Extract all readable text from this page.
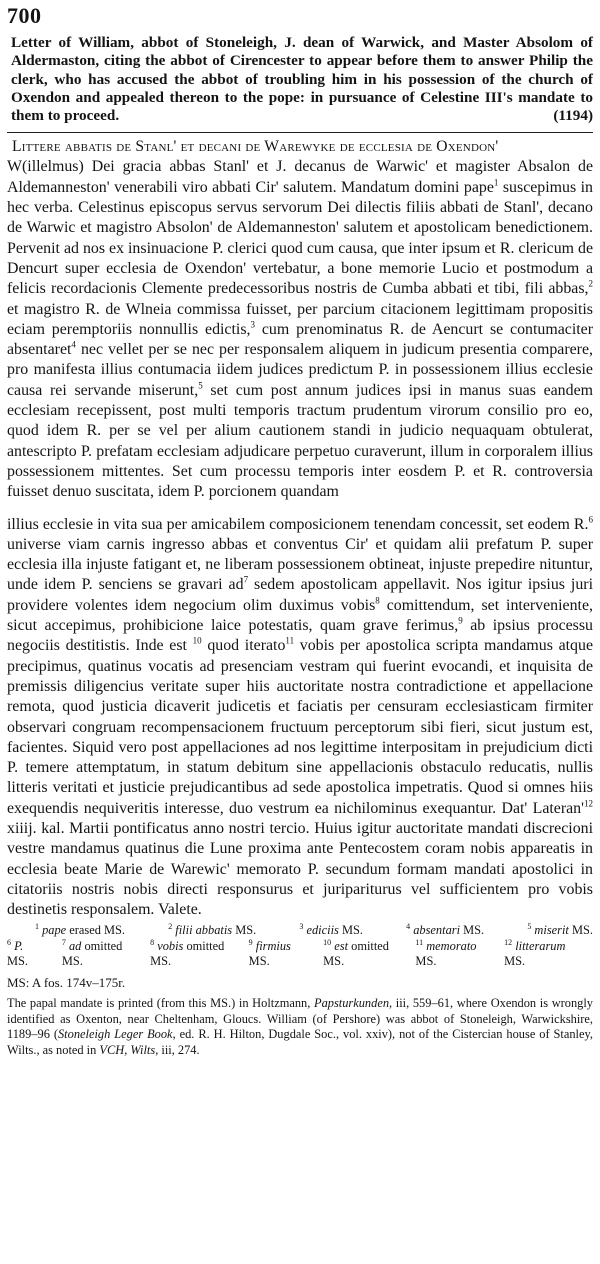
700
Letter of William, abbot of Stoneleigh, J. dean of Warwick, and Master Absolom of Aldermaston, citing the abbot of Cirencester to appear before them to answer Philip the clerk, who has accused the abbot of troubling him in his possession of the church of Oxendon and appealed thereon to the pope: in pursuance of Celestine III's mandate to them to proceed.	(1194)
Littere abbatis de Stanl' et decani de Warewyke de ecclesia de Oxendon'

W(illelmus) Dei gracia abbas Stanl' et J. decanus de Warwic' et magister Absalon de Aldemanneston' venerabili viro abbati Cir' salutem. Mandatum domini pape$^1$ suscepimus in hec verba. Celestinus episcopus servus servorum Dei dilectis filiis abbati de Stanl', decano de Warwic et magistro Absolon' de Aldemanneston' salutem et apostolicam benedictionem. Pervenit ad nos ex insinuacione P. clerici quod cum causa, que inter ipsum et R. clericum de Dencurt super ecclesia de Oxendon' vertebatur, a bone memorie Lucio et postmodum a felicis recordacionis Clemente predecessoribus nostris de Cumba abbati et tibi, fili abbas,$^2$ et magistro R. de Wlneia commissa fuisset, per parcium citacionem legittimam propositis eciam peremptoriis nonnullis edictis,$^3$ cum prenominatus R. de Aencurt se contumaciter absentaret$^4$ nec vellet per se nec per responsalem aliquem in judicum presentia comparere, pro manifesta illius contumacia iidem judices predictum P. in possessionem illius ecclesie causa rei servande miserunt,$^5$ set cum post annum judices ipsi in manus suas eandem ecclesiam recepissent, post multi temporis tractum prudentum virorum consilio pro eo, quod idem R. per se vel per alium cautionem standi in judicio nequaquam obtulerat, antescripto P. prefatam ecclesiam adjudicare perpetuo curaverunt, illum in corporalem illius possessionem mittentes. Set cum processu temporis inter eosdem P. et R. controversia fuisset denuo suscitata, idem P. porcionem quandam

illius ecclesie in vita sua per amicabilem composicionem tenendam concessit, set eodem R.$^6$ universe viam carnis ingresso abbas et conventus Cir' et quidam alii prefatum P. super ecclesia illa injuste fatigant et, ne liberam possessionem obtineat, injuste prepedire nituntur, unde idem P. senciens se gravari $ad^7$ sedem apostolicam appellavit. Nos igitur ipsius juri providere volentes idem negocium olim duximus vobis$^8$ comittendum, set interveniente, sicut accepimus, prohibicione laice potestatis, quam grave ferimus,$^9$ ab ipsius processu negociis destitistis. Inde est $^{10}$ quod iterato$^{11}$ vobis per apostolica scripta mandamus atque precipimus, quatinus vocatis ad presenciam vestram qui fuerint evocandi, et inquisita de premissis diligencius veritate super hiis auctoritate nostra contradictione et appellacione remota, quod justicia dicaverit judicetis et faciatis per censuram ecclesiasticam firmiter observari congruam recompensacionem fructuum perceptorum sibi fieri, sicut justum est, facientes. Siquid vero post appellaciones ad nos legittime interpositam in prejudicium dicti P. temere attemptatum, in statum debitum sine appellacionis obstaculo reducatis, nullis litteris veritati et justicie prejudicantibus ad sede apostolica impetratis. Quod si omnes hiis exequendis nequiveritis interesse, duo vestrum ea nichilominus exequantur. Dat' $Lateran'^{12}$ xiiij. kal. Martii pontificatus anno nostri tercio. Huius igitur auctoritate mandati discrecioni vestre mandamus quatinus die Lune proxima ante Pentecostem coram nobis appareatis in ecclesia beate Marie de Warewic' memorato P. secundum formam mandati apostolici in citatoriis nostris nobis directi responsurus et juripariturus vel sufficientem pro vobis destinetis responsalem. Valete.

$^1$ pape erased MS.	$^2$ filii abbatis MS.	$^3$ ediciis MS.	$^4$ absentari MS.	$^5$ miserit MS.
$^6$ P. MS.
$^7$ ad omitted MS.
$^8$ vobis omitted MS.
$^9$ firmius MS.
$^{10}$ est omitted MS.
$^{11}$ memorato MS.
$^{12}$ litterarum MS.
MS: A fos. 174v–175r.
The papal mandate is printed (from this MS.) in Holtzmann, Papsturkunden, iii, 559–61, where Oxendon is wrongly identified as Oxenton, near Cheltenham, Gloucs. William (of Pershore) was abbot of Stoneleigh, Warwickshire, 1189–96 (Stoneleigh Leger Book, ed. R. H. Hilton, Dugdale Soc., vol. xxiv), not of the Cistercian house of Stanley, Wilts., as noted in VCH, Wilts, iii, 274.
